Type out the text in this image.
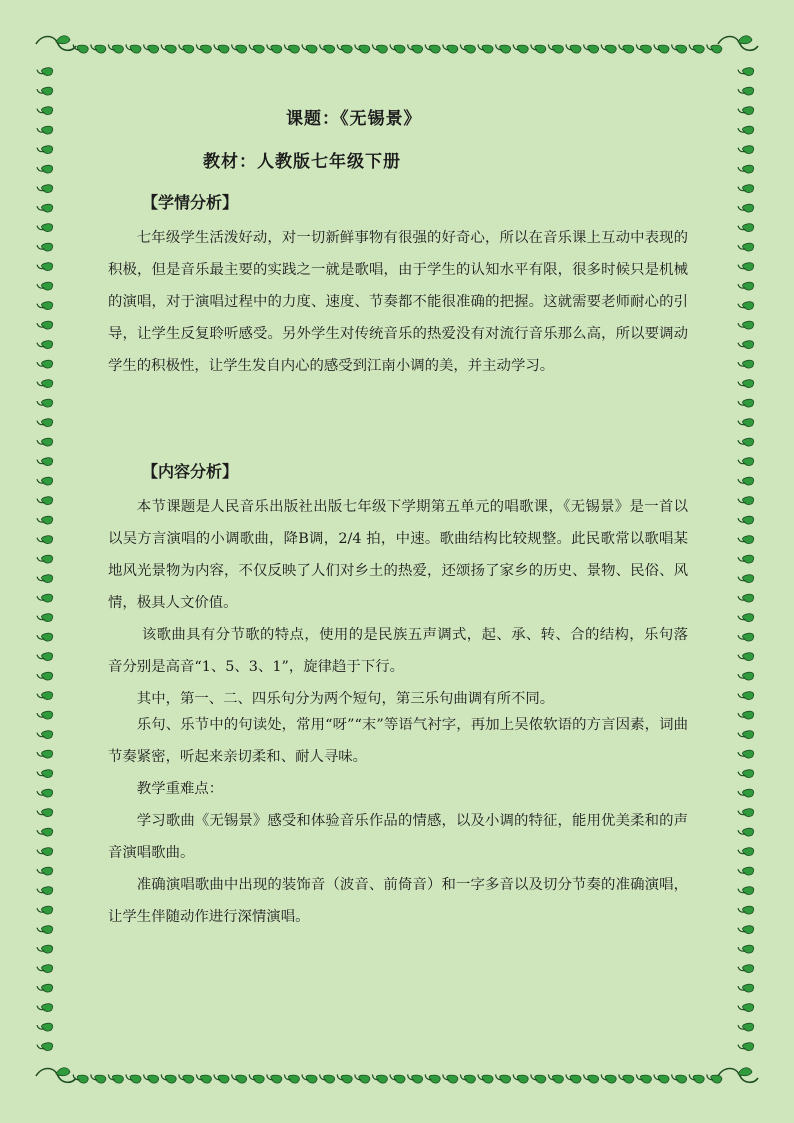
课题：《无锡景》
教材：人教版七年级下册
【学情分析】
七年级学生活泼好动，对一切新鲜事物有很强的好奇心，所以在音乐课上互动中表现的积极，但是音乐最主要的实践之一就是歌唱，由于学生的认知水平有限，很多时候只是机械的演唱，对于演唱过程中的力度、速度、节奏都不能很准确的把握。这就需要老师耐心的引导，让学生反复聆听感受。另外学生对传统音乐的热爱没有对流行音乐那么高，所以要调动学生的积极性，让学生发自内心的感受到江南小调的美，并主动学习。
【内容分析】
本节课题是人民音乐出版社出版七年级下学期第五单元的唱歌课，《无锡景》是一首以以吴方言演唱的小调歌曲，降B调，2/4 拍，中速。歌曲结构比较规整。此民歌常以歌唱某地风光景物为内容，不仅反映了人们对乡土的热爱，还颂扬了家乡的历史、景物、民俗、风情，极具人文价值。
该歌曲具有分节歌的特点，使用的是民族五声调式，起、承、转、合的结构，乐句落音分别是高音“1、5、3、1”，旋律趋于下行。
其中，第一、二、四乐句分为两个短句，第三乐句曲调有所不同。
乐句、乐节中的句读处，常用“呀”“末”等语气衬字，再加上吴侬软语的方言因素，词曲节奏紧密，听起来亲切柔和、耐人寻味。
教学重难点：
学习歌曲《无锡景》感受和体验音乐作品的情感，以及小调的特征，能用优美柔和的声音演唱歌曲。
准确演唱歌曲中出现的装饰音（波音、前倚音）和一字多音以及切分节奏的准确演唱，让学生伴随动作进行深情演唱。
